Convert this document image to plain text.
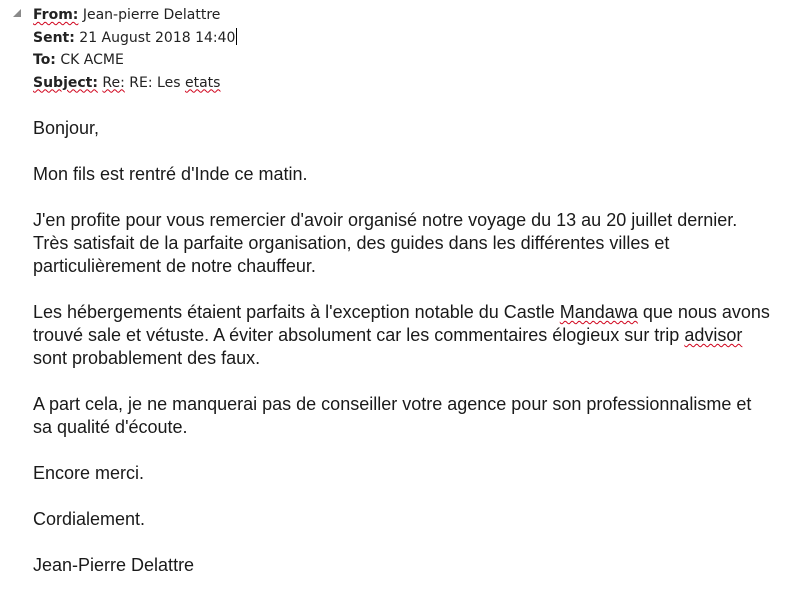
From: Jean-pierre Delattre
Sent: 21 August 2018 14:40
To: CK ACME
Subject: Re: RE: Les etats

Bonjour,

Mon fils est rentré d'Inde ce matin.

J'en profite pour vous remercier d'avoir organisé notre voyage du 13 au 20 juillet dernier. Très satisfait de la parfaite organisation, des guides dans les différentes villes et particulièrement de notre chauffeur.

Les hébergements étaient parfaits à l'exception notable du Castle Mandawa que nous avons trouvé sale et vétuste. A éviter absolument car les commentaires élogieux sur trip advisor sont probablement des faux.

A part cela, je ne manquerai pas de conseiller votre agence pour son professionnalisme et sa qualité d'écoute.

Encore merci.

Cordialement.

Jean-Pierre Delattre
